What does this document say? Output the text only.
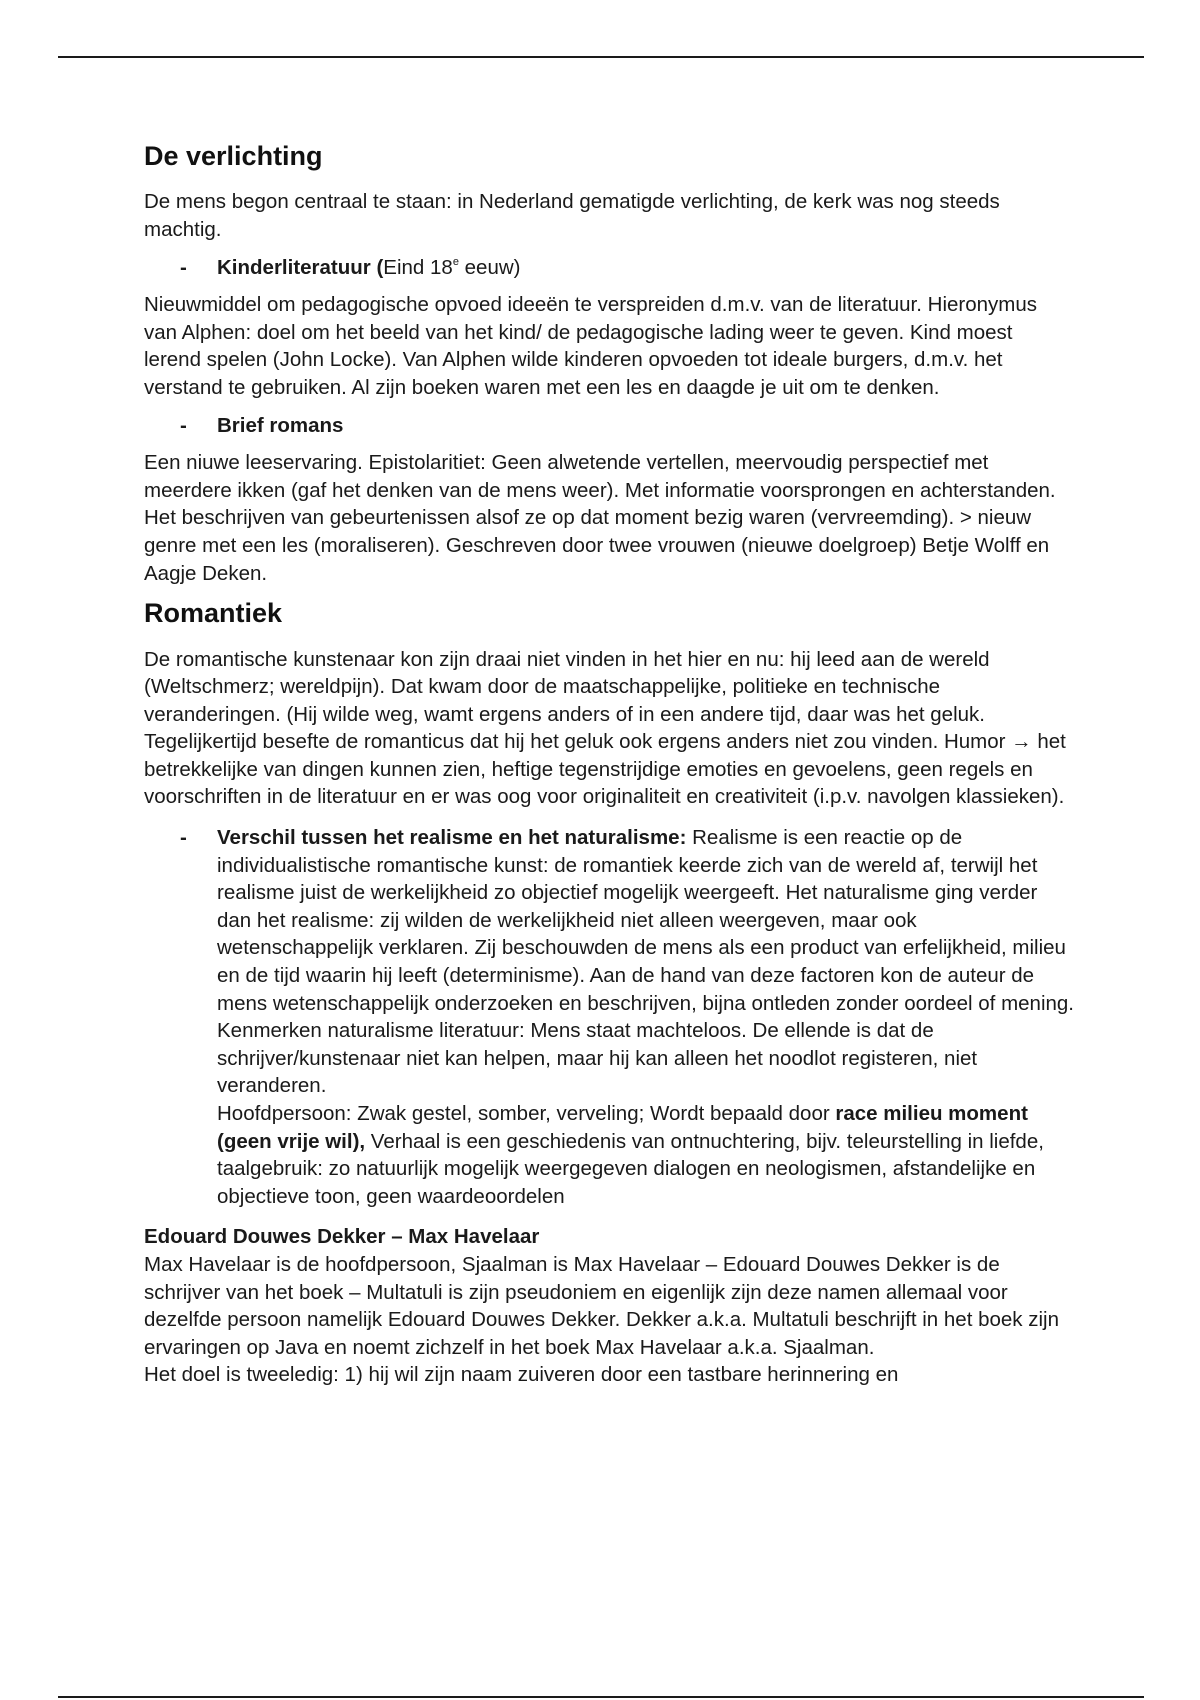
De verlichting

De mens begon centraal te staan: in Nederland gematigde verlichting, de kerk was nog steeds machtig.

- Kinderliteratuur (Eind 18e eeuw)

Nieuwmiddel om pedagogische opvoed ideeën te verspreiden d.m.v. van de literatuur. Hieronymus van Alphen: doel om het beeld van het kind/ de pedagogische lading weer te geven. Kind moest lerend spelen (John Locke). Van Alphen wilde kinderen opvoeden tot ideale burgers, d.m.v. het verstand te gebruiken. Al zijn boeken waren met een les en daagde je uit om te denken.

- Brief romans

Een niuwe leeservaring. Epistolaritiet: Geen alwetende vertellen, meervoudig perspectief met meerdere ikken (gaf het denken van de mens weer). Met informatie voorsprongen en achterstanden. Het beschrijven van gebeurtenissen alsof ze op dat moment bezig waren (vervreemding). > nieuw genre met een les (moraliseren). Geschreven door twee vrouwen (nieuwe doelgroep) Betje Wolff en Aagje Deken.

Romantiek

De romantische kunstenaar kon zijn draai niet vinden in het hier en nu: hij leed aan de wereld (Weltschmerz; wereldpijn). Dat kwam door de maatschappelijke, politieke en technische veranderingen. (Hij wilde weg, wamt ergens anders of in een andere tijd, daar was het geluk. Tegelijkertijd besefte de romanticus dat hij het geluk ook ergens anders niet zou vinden. Humor → het betrekkelijke van dingen kunnen zien, heftige tegenstrijdige emoties en gevoelens, geen regels en voorschriften in de literatuur en er was oog voor originaliteit en creativiteit (i.p.v. navolgen klassieken).

- Verschil tussen het realisme en het naturalisme: Realisme is een reactie op de individualistische romantische kunst: de romantiek keerde zich van de wereld af, terwijl het realisme juist de werkelijkheid zo objectief mogelijk weergeeft. Het naturalisme ging verder dan het realisme: zij wilden de werkelijkheid niet alleen weergeven, maar ook wetenschappelijk verklaren. Zij beschouwden de mens als een product van erfelijkheid, milieu en de tijd waarin hij leeft (determinisme). Aan de hand van deze factoren kon de auteur de mens wetenschappelijk onderzoeken en beschrijven, bijna ontleden zonder oordeel of mening.

Kenmerken naturalisme literatuur: Mens staat machteloos. De ellende is dat de schrijver/kunstenaar niet kan helpen, maar hij kan alleen het noodlot registeren, niet veranderen.

Hoofdpersoon: Zwak gestel, somber, verveling; Wordt bepaald door race milieu moment (geen vrije wil), Verhaal is een geschiedenis van ontnuchtering, bijv. teleurstelling in liefde, taalgebruik: zo natuurlijk mogelijk weergegeven dialogen en neologismen, afstandelijke en objectieve toon, geen waardeoordelen

Edouard Douwes Dekker – Max Havelaar

Max Havelaar is de hoofdpersoon, Sjaalman is Max Havelaar – Edouard Douwes Dekker is de schrijver van het boek – Multatuli is zijn pseudoniem en eigenlijk zijn deze namen allemaal voor dezelfde persoon namelijk Edouard Douwes Dekker. Dekker a.k.a. Multatuli beschrijft in het boek zijn ervaringen op Java en noemt zichzelf in het boek Max Havelaar a.k.a. Sjaalman.

Het doel is tweeledig: 1) hij wil zijn naam zuiveren door een tastbare herinnering en
